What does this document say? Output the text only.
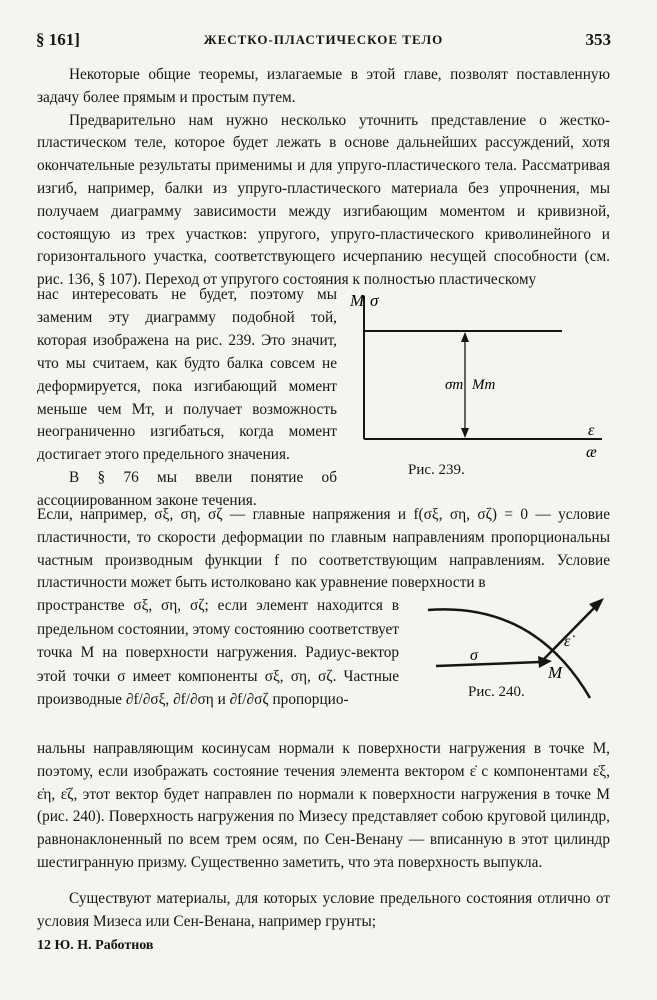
§ 161]	ЖЕСТКО-ПЛАСТИЧЕСКОЕ ТЕЛО	353

Некоторые общие теоремы, излагаемые в этой главе, позволят поставленную задачу более прямым и простым путем.

Предварительно нам нужно несколько уточнить представление о жестко-пластическом теле, которое будет лежать в основе дальнейших рассуждений, хотя окончательные результаты применимы и для упруго-пластического тела. Рассматривая изгиб, например, балки из упруго-пластического материала без упрочнения, мы получаем диаграмму зависимости между изгибающим моментом и кривизной, состоящую из трех участков: упругого, упруго-пластического криволинейного и горизонтального участка, соответствующего исчерпанию несущей способности (см. рис. 136, § 107). Переход от упругого состояния к полностью пластическому

нас интересовать не будет, поэтому мы заменим эту диаграмму подобной той, которая изображена на рис. 239. Это значит, что мы считаем, как будто балка совсем не деформируется, пока изгибающий момент меньше чем Mт, и получает возможность неограниченно изгибаться, когда момент достигает этого предельного значения.

В § 76 мы ввели понятие об ассоциированном законе течения.

M σ
σт Mт
ε
æ
Рис. 239.

Если, например, σξ, ση, σζ — главные напряжения и f(σξ, ση, σζ) = 0 — условие пластичности, то скорости деформации по главным направлениям пропорциональны частным производным функции f по соответствующим направлениям. Условие пластичности может быть истолковано как уравнение поверхности в

пространстве σξ, ση, σζ; если элемент находится в предельном состоянии, этому состоянию соответствует точка M на поверхности нагружения. Радиус-вектор этой точки σ имеет компоненты σξ, ση, σζ. Частные производные ∂f/∂σξ, ∂f/∂ση и ∂f/∂σζ пропорцио-

σ
M
ε̇
Рис. 240.

нальны направляющим косинусам нормали к поверхности нагружения в точке M, поэтому, если изображать состояние течения элемента вектором ε̇ с компонентами ε̇ξ, ε̇η, ε̇ζ, этот вектор будет направлен по нормали к поверхности нагружения в точке M (рис. 240). Поверхность нагружения по Мизесу представляет собою круговой цилиндр, равнонаклоненный по всем трем осям, по Сен-Венану — вписанную в этот цилиндр шестигранную призму. Существенно заметить, что эта поверхность выпукла.

Существуют материалы, для которых условие предельного состояния отлично от условия Мизеса или Сен-Венана, например грунты;

12 Ю. Н. Работнов
